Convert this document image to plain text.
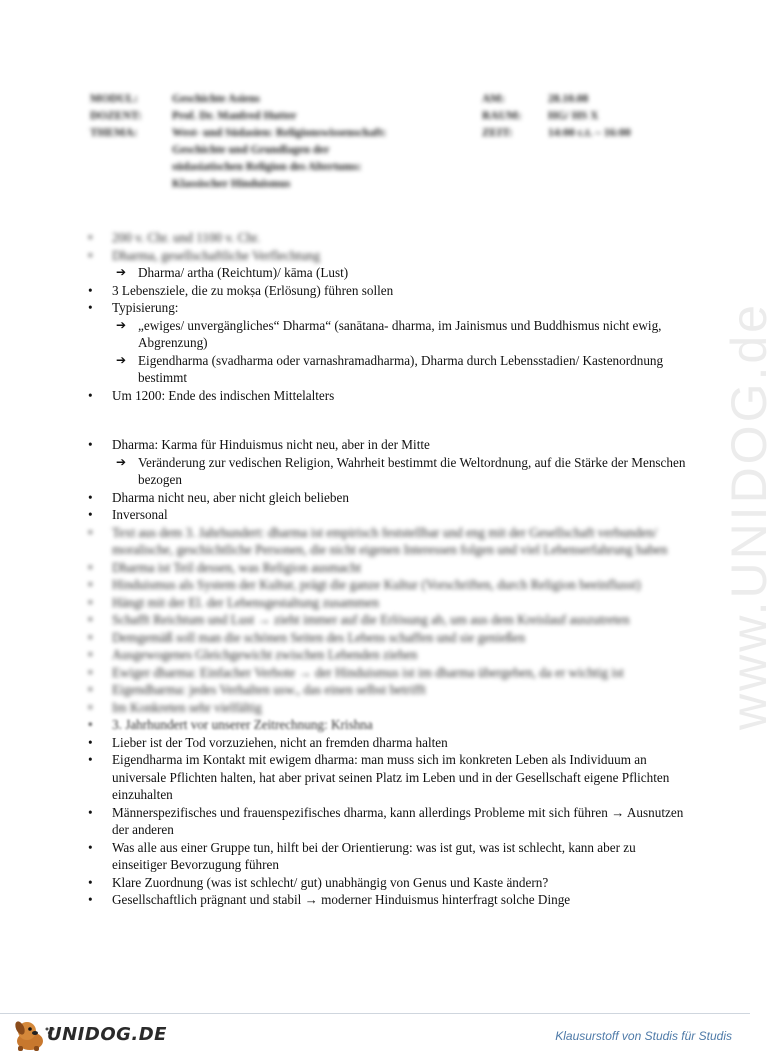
www.UNIDOG.de
MODUL:	Geschichte Asiens	AM:	28.10.08
DOZENT:	Prof. Dr. Manfred Hutter	RAUM:	HG/ HS X
THEMA:	West- und Südasien: Religionswissenschaft:	ZEIT:	14:00 c.t. – 16:00
Geschichte und Grundlagen der
südasiatischen Religion des Altertums:
Klassischer Hinduismus
•	200 v. Chr. und 1100 v. Chr.
•	Dharma, gesellschaftliche Verflechtung
➔ Dharma/ artha (Reichtum)/ kāma (Lust)
•	3 Lebensziele, die zu mokṣa (Erlösung) führen sollen
•	Typisierung:
➔ „ewiges/ unvergängliches“ Dharma“ (sanātana- dharma, im Jainismus und Buddhismus nicht ewig, Abgrenzung)
➔ Eigendharma (svadharma oder varnashramadharma), Dharma durch Lebensstadien/ Kastenordnung bestimmt
•	Um 1200: Ende des indischen Mittelalters
•	Dharma: Karma für Hinduismus nicht neu, aber in der Mitte
➔ Veränderung zur vedischen Religion, Wahrheit bestimmt die Weltordnung, auf die Stärke der Menschen bezogen
•	Dharma nicht neu, aber nicht gleich belieben
•	Inversonal
•	Text aus dem 3. Jahrhundert: dharma ist empirisch feststellbar und eng mit der Gesellschaft verbunden/ moralische, geschichtliche Personen, die nicht eigenen Interessen folgen und viel Lebenserfahrung haben
•	Dharma ist Teil dessen, was Religion ausmacht
•	Hinduismus als System der Kultur, prägt die ganze Kultur (Vorschriften, durch Religion beeinflusst)
•	Hängt mit der El. der Lebensgestaltung zusammen
•	Schafft Reichtum und Lust → zieht immer auf die Erlösung ab, um aus dem Kreislauf auszutreten
•	Demgemäß soll man die schönen Seiten des Lebens schaffen und sie genießen
•	Ausgewogenes Gleichgewicht zwischen Lebenden ziehen
•	Ewiger dharma: Einfacher Verbote → der Hinduismus ist im dharma übergeben, da er wichtig ist
•	Eigendharma: jedes Verhalten usw., das einen selbst betrifft
•	Im Konkreten sehr vielfältig
•	3. Jahrhundert vor unserer Zeitrechnung: Krishna
•	Lieber ist der Tod vorzuziehen, nicht an fremden dharma halten
•	Eigendharma im Kontakt mit ewigem dharma: man muss sich im konkreten Leben als Individuum an universale Pflichten halten, hat aber privat seinen Platz im Leben und in der Gesellschaft eigene Pflichten einzuhalten
•	Männerspezifisches und frauenspezifisches dharma, kann allerdings Probleme mit sich führen → Ausnutzen der anderen
•	Was alle aus einer Gruppe tun, hilft bei der Orientierung: was ist gut, was ist schlecht, kann aber zu einseitiger Bevorzugung führen
•	Klare Zuordnung (was ist schlecht/ gut) unabhängig von Genus und Kaste ändern?
•	Gesellschaftlich prägnant und stabil → moderner Hinduismus hinterfragt solche Dinge
UNIDOG.DE	Klausurstoff von Studis für Studis
